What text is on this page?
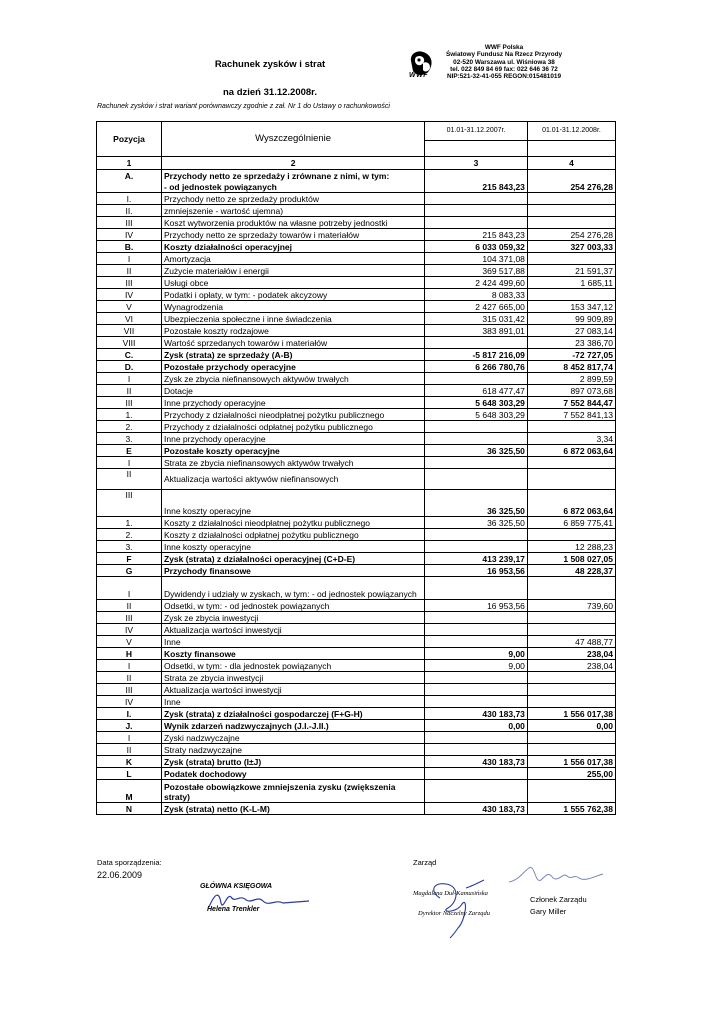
Rachunek zysków i strat
na dzień 31.12.2008r.
WWF
WWF Polska
Światowy Fundusz Na Rzecz Przyrody
02-520 Warszawa ul. Wiśniowa 38
tel. 022 849 84 69 fax: 022 646 36 72
NIP:521-32-41-055 REGON:015481019
Rachunek zysków i strat wariant porównawczy zgodnie z zał. Nr 1 do Ustawy o rachunkowości
Pozycja	Wyszczególnienie	01.01-31.12.2007r.	01.01-31.12.2008r.

1	2	3	4
A.	Przychody netto ze sprzedaży i zrównane z nimi, w tym:		
	- od jednostek powiązanych	215 843,23	254 276,28
I.	Przychody netto ze sprzedaży produktów		
II.	zmniejszenie - wartość ujemna)		
III	Koszt wytworzenia produktów na własne potrzeby jednostki		
IV	Przychody netto ze sprzedaży towarów i materiałów	215 843,23	254 276,28
B.	Koszty działalności operacyjnej	6 033 059,32	327 003,33
I	Amortyzacja	104 371,08	
II	Zużycie materiałów i energii	369 517,88	21 591,37
III	Usługi obce	2 424 499,60	1 685,11
IV	Podatki i opłaty, w tym: - podatek akcyzowy	8 083,33	
V	Wynagrodzenia	2 427 665,00	153 347,12
VI	Ubezpieczenia społeczne i inne świadczenia	315 031,42	99 909,89
VII	Pozostałe koszty rodzajowe	383 891,01	27 083,14
VIII	Wartość sprzedanych towarów i materiałów		23 386,70
C.	Zysk (strata) ze sprzedaży (A-B)	-5 817 216,09	-72 727,05
D.	Pozostałe przychody operacyjne	6 266 780,76	8 452 817,74
I	Zysk ze zbycia niefinansowych aktywów trwałych		2 899,59
II	Dotacje	618 477,47	897 073,68
III	Inne przychody operacyjne	5 648 303,29	7 552 844,47
1.	Przychody z działalności nieodpłatnej pożytku publicznego	5 648 303,29	7 552 841,13
2.	Przychody z działalności odpłatnej pożytku publicznego		
3.	Inne przychody operacyjne		3,34
E	Pozostałe koszty operacyjne	36 325,50	6 872 063,64
I	Strata ze zbycia niefinansowych aktywów trwałych		
II	Aktualizacja wartości aktywów niefinansowych		
III	Inne koszty operacyjne	36 325,50	6 872 063,64
1.	Koszty z działalności nieodpłatnej pożytku publicznego	36 325,50	6 859 775,41
2.	Koszty z działalności odpłatnej pożytku publicznego		
3.	Inne koszty operacyjne		12 288,23
F	Zysk (strata) z działalności operacyjnej (C+D-E)	413 239,17	1 508 027,05
G	Przychody finansowe	16 953,56	48 228,37
I	Dywidendy i udziały w zyskach, w tym: - od jednostek powiązanych		
II	Odsetki, w tym: - od jednostek powiązanych	16 953,56	739,60
III	Zysk ze zbycia inwestycji		
IV	Aktualizacja wartości inwestycji		
V	Inne		47 488,77
H	Koszty finansowe	9,00	238,04
I	Odsetki, w tym: - dla jednostek powiązanych	9,00	238,04
II	Strata ze zbycia inwestycji		
III	Aktualizacja wartości inwestycji		
IV	Inne		
I.	Zysk (strata) z działalności gospodarczej (F+G-H)	430 183,73	1 556 017,38
J.	Wynik zdarzeń nadzwyczajnych (J.I.-J.II.)	0,00	0,00
I	Zyski nadzwyczajne		
II	Straty nadzwyczajne		
K	Zysk (strata) brutto (I±J)	430 183,73	1 556 017,38
L	Podatek dochodowy		255,00
M	Pozostałe obowiązkowe zmniejszenia zysku (zwiększenia straty)		
N	Zysk (strata) netto (K-L-M)	430 183,73	1 555 762,38
Data sporządzenia:
22.06.2009
Zarząd
GŁÓWNA KSIĘGOWA
Helena Trenkler
Magdalena Duł-Kamusińska
Dyrektor Naczelny Zarządu
Członek Zarządu
Gary Miller
